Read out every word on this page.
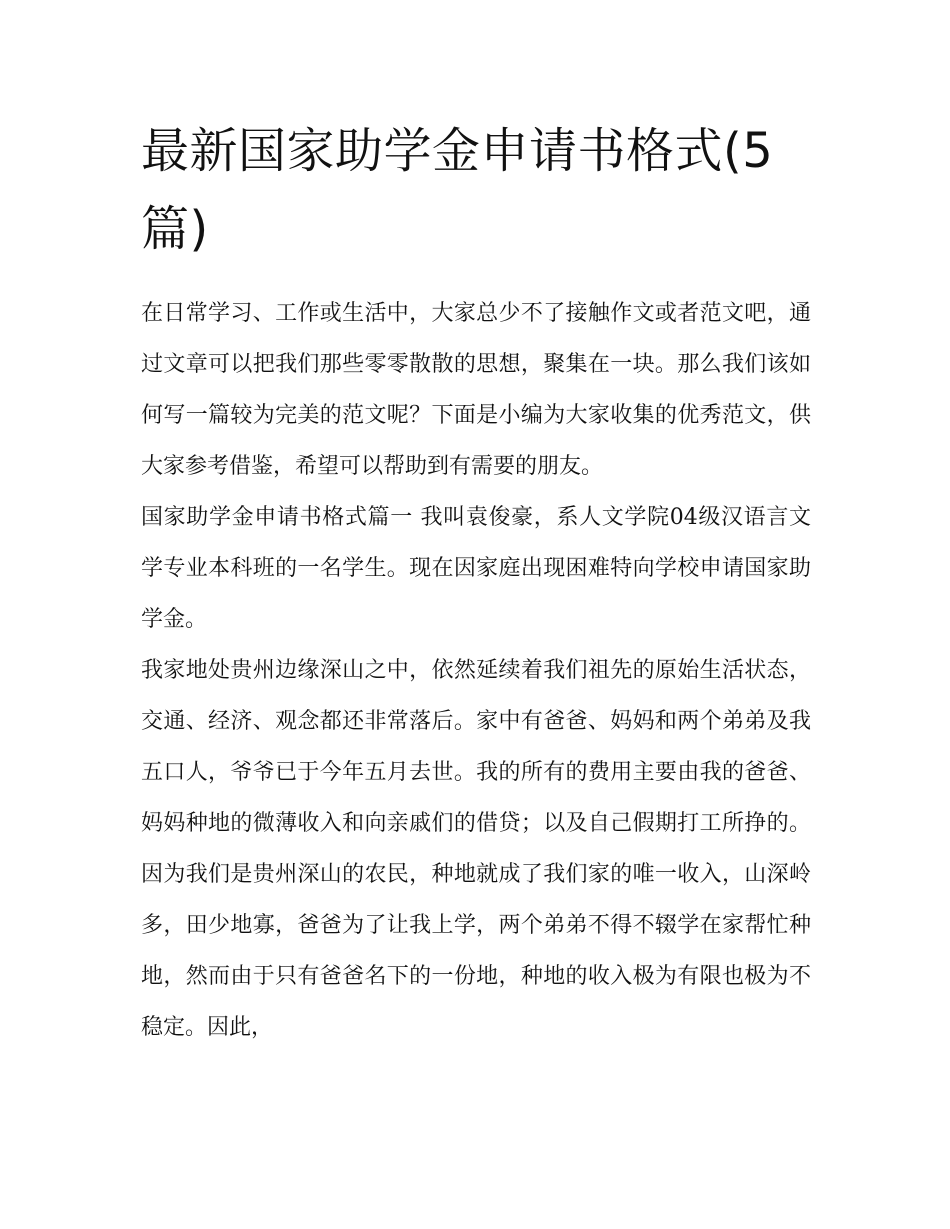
最新国家助学金申请书格式(5篇)

在日常学习、工作或生活中，大家总少不了接触作文或者范文吧，通过文章可以把我们那些零零散散的思想，聚集在一块。那么我们该如何写一篇较为完美的范文呢？下面是小编为大家收集的优秀范文，供大家参考借鉴，希望可以帮助到有需要的朋友。

国家助学金申请书格式篇一 我叫袁俊豪，系人文学院04级汉语言文学专业本科班的一名学生。现在因家庭出现困难特向学校申请国家助学金。

我家地处贵州边缘深山之中，依然延续着我们祖先的原始生活状态，交通、经济、观念都还非常落后。家中有爸爸、妈妈和两个弟弟及我五口人，爷爷已于今年五月去世。我的所有的费用主要由我的爸爸、妈妈种地的微薄收入和向亲戚们的借贷；以及自己假期打工所挣的。因为我们是贵州深山的农民，种地就成了我们家的唯一收入，山深岭多，田少地寡，爸爸为了让我上学，两个弟弟不得不辍学在家帮忙种地，然而由于只有爸爸名下的一份地，种地的收入极为有限也极为不稳定。因此，
